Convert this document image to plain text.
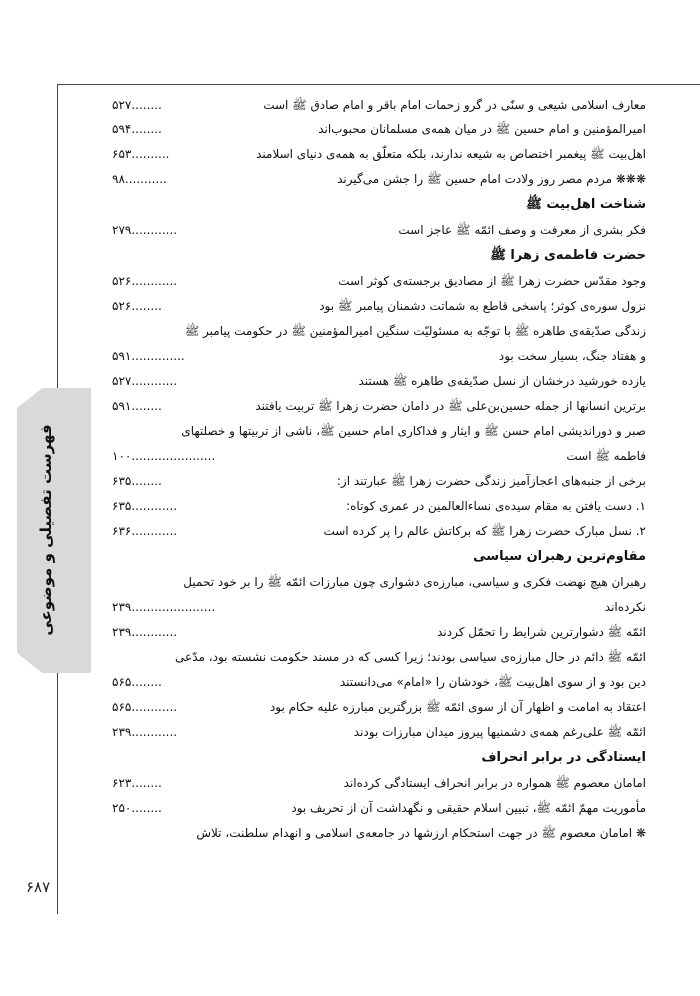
فهرست تفصیلی و موضوعی
۶۸۷
معارف اسلامی شیعی و سنّی در گرو زحمات امام باقر و امام صادق ﷺ است
۵۲۷........
امیرالمؤمنین و امام حسین ﷺ در میان همه‌ی مسلمانان محبوب‌اند
۵۹۴........
اهل‌بیت ﷺ پیغمبر اختصاص به شیعه ندارند، بلکه متعلّق به همه‌ی دنیای اسلامند
۶۵۳..........
❋❋❋ مردم مصر روز ولادت امام حسین ﷺ را جشن می‌گیرند
۹۸...........
شناخت اهل‌بیت ﷺ
فکر بشری از معرفت و وصف ائمّه ﷺ عاجز است
۲۷۹............
حضرت فاطمه‌ی زهرا ﷺ
وجود مقدّس حضرت زهرا ﷺ از مصادیق برجسته‌ی کوثر است
۵۲۶............
نزول سوره‌ی کوثر؛ پاسخی قاطع به شماتت دشمنان پیامبر ﷺ بود
۵۲۶........
زندگی صدّیقه‌ی طاهره ﷺ با توجّه به مسئولیّت سنگین امیرالمؤمنین ﷺ در حکومت پیامبر ﷺ
و هفتاد جنگ، بسیار سخت بود
۵۹۱..............
یازده خورشید درخشان از نسل صدّیقه‌ی طاهره ﷺ هستند
۵۲۷............
برترین انسانها از جمله حسین‌بن‌علی ﷺ در دامان حضرت زهرا ﷺ تربیت یافتند
۵۹۱........
صبر و دوراندیشی امام حسن ﷺ و ایثار و فداکاری امام حسین ﷺ، ناشی از تربیتها و خصلتهای
فاطمه ﷺ است
۱۰۰......................
برخی از جنبه‌های اعجازآمیز زندگی حضرت زهرا ﷺ عبارتند از:
۶۳۵........
۱. دست یافتن به مقام سیده‌ی نساءالعالمین در عمری کوتاه:
۶۳۵............
۲. نسل مبارک حضرت زهرا ﷺ که برکاتش عالم را پر کرده است
۶۳۶............
مقاوم‌ترین رهبران سیاسی
رهبران هیچ نهضت فکری و سیاسی، مبارزه‌ی دشواری چون مبارزات ائمّه ﷺ را بر خود تحمیل
نکرده‌اند
۲۳۹......................
ائمّه ﷺ دشوارترین شرایط را تحمّل کردند
۲۳۹............
ائمّه ﷺ دائم در حال مبارزه‌ی سیاسی بودند؛ زیرا کسی که در مسند حکومت نشسته بود، مدّعی
دین بود و از سوی اهل‌بیت ﷺ، خودشان را «امام» می‌دانستند
۵۶۵........
اعتقاد به امامت و اظهار آن از سوی ائمّه ﷺ بزرگترین مبارزه علیه حکام بود
۵۶۵............
ائمّه ﷺ علی‌رغم همه‌ی دشمنیها پیروز میدان مبارزات بودند
۲۳۹............
ایستادگی در برابر انحراف
امامان معصوم ﷺ همواره در برابر انحراف ایستادگی کرده‌اند
۶۲۳........
مأموریت مهمّ ائمّه ﷺ، تبیین اسلام حقیقی و نگهداشت آن از تحریف بود
۲۵۰........
❋ امامان معصوم ﷺ در جهت استحکام ارزشها در جامعه‌ی اسلامی و انهدام سلطنت، تلاش
